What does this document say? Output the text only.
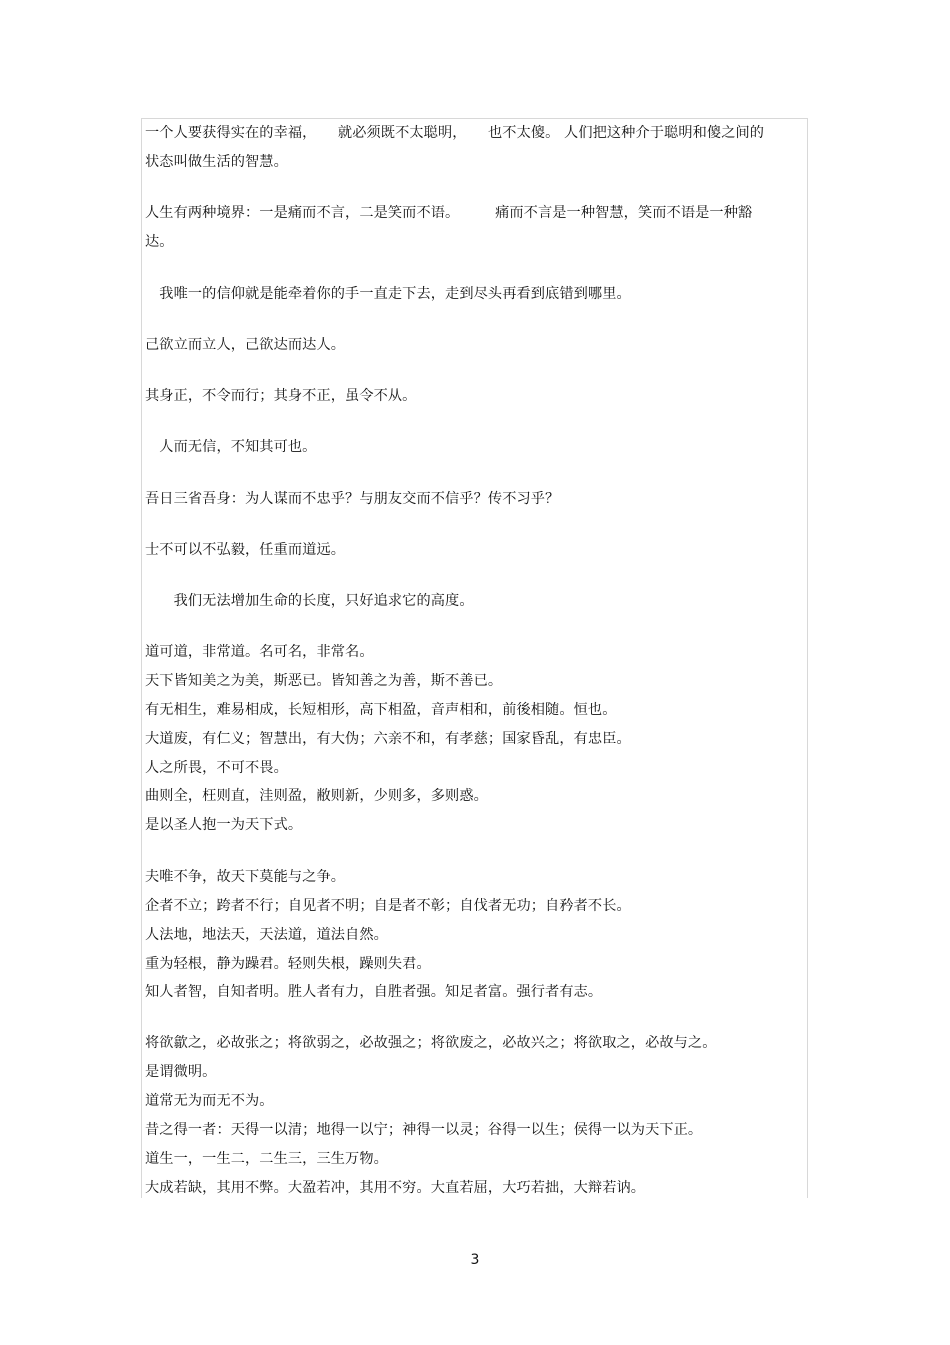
一个人要获得实在的幸福，　　就必须既不太聪明，　　也不太傻。 人们把这种介于聪明和傻之间的
状态叫做生活的智慧。
人生有两种境界：一是痛而不言，二是笑而不语。　　　痛而不言是一种智慧，笑而不语是一种豁
达。
　我唯一的信仰就是能牵着你的手一直走下去，走到尽头再看到底错到哪里。
己欲立而立人，己欲达而达人。
其身正，不令而行；其身不正，虽令不从。
　人而无信，不知其可也。
吾日三省吾身：为人谋而不忠乎？与朋友交而不信乎？传不习乎？
士不可以不弘毅，任重而道远。
　　我们无法增加生命的长度，只好追求它的高度。
道可道，非常道。名可名，非常名。
天下皆知美之为美，斯恶已。皆知善之为善，斯不善已。
有无相生，难易相成，长短相形，高下相盈，音声相和，前後相随。恒也。
大道废，有仁义；智慧出，有大伪；六亲不和，有孝慈；国家昏乱，有忠臣。
人之所畏，不可不畏。
曲则全，枉则直，洼则盈，敝则新，少则多，多则惑。
是以圣人抱一为天下式。
夫唯不争，故天下莫能与之争。
企者不立；跨者不行；自见者不明；自是者不彰；自伐者无功；自矜者不长。
人法地，地法天，天法道，道法自然。
重为轻根，静为躁君。轻则失根，躁则失君。
知人者智，自知者明。胜人者有力，自胜者强。知足者富。强行者有志。
将欲歙之，必故张之；将欲弱之，必故强之；将欲废之，必故兴之；将欲取之，必故与之。
是谓微明。
道常无为而无不为。
昔之得一者：天得一以清；地得一以宁；神得一以灵；谷得一以生；侯得一以为天下正。
道生一，一生二，二生三，三生万物。
大成若缺，其用不弊。大盈若冲，其用不穷。大直若屈，大巧若拙，大辩若讷。
3
